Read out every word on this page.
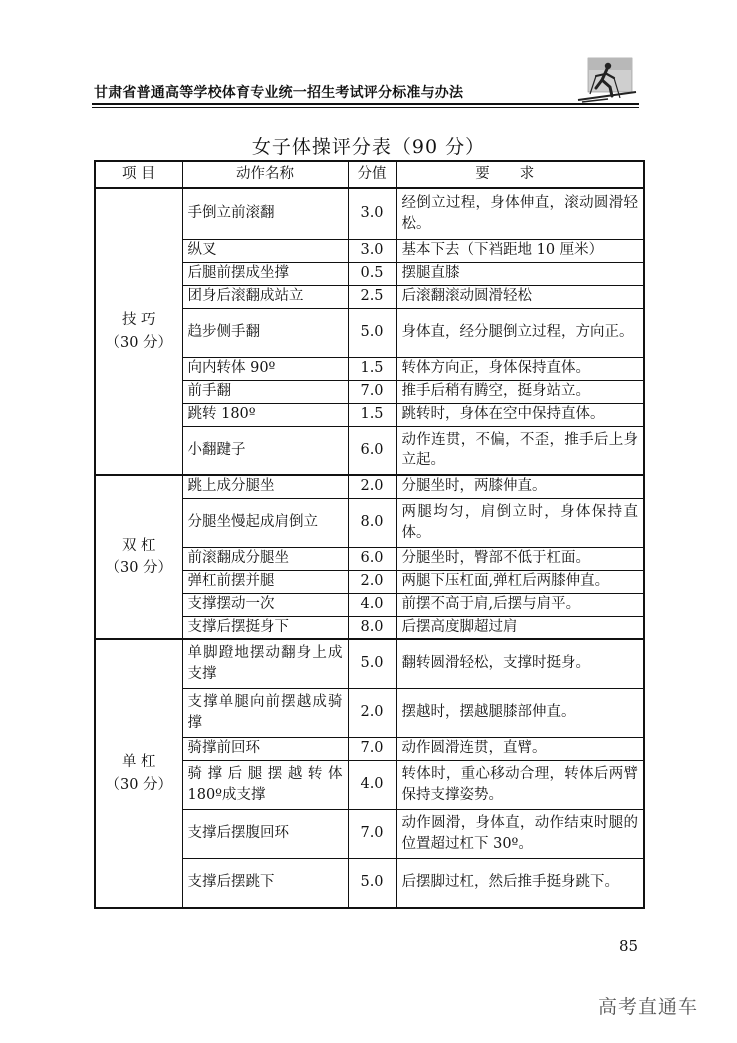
甘肃省普通高等学校体育专业统一招生考试评分标准与办法
女子体操评分表（90 分）
项 目	动作名称	分值	要求

技 巧
（30 分）	手倒立前滚翻	3.0	经倒立过程，身体伸直，滚动圆滑轻松。
	纵叉	3.0	基本下去（下裆距地 10 厘米）
	后腿前摆成坐撑	0.5	摆腿直膝
	团身后滚翻成站立	2.5	后滚翻滚动圆滑轻松
	趋步侧手翻	5.0	身体直，经分腿倒立过程，方向正。
	向内转体 90º	1.5	转体方向正，身体保持直体。
	前手翻	7.0	推手后稍有腾空，挺身站立。
	跳转 180º	1.5	跳转时，身体在空中保持直体。
	小翻踺子	6.0	动作连贯，不偏，不歪，推手后上身立起。

双 杠
（30 分）	跳上成分腿坐	2.0	分腿坐时，两膝伸直。
	分腿坐慢起成肩倒立	8.0	两腿均匀，肩倒立时，身体保持直体。
	前滚翻成分腿坐	6.0	分腿坐时，臀部不低于杠面。
	弹杠前摆并腿	2.0	两腿下压杠面,弹杠后两膝伸直。
	支撑摆动一次	4.0	前摆不高于肩,后摆与肩平。
	支撑后摆挺身下	8.0	后摆高度脚超过肩

单 杠
（30 分）	单脚蹬地摆动翻身上成支撑	5.0	翻转圆滑轻松，支撑时挺身。
	支撑单腿向前摆越成骑撑	2.0	摆越时，摆越腿膝部伸直。
	骑撑前回环	7.0	动作圆滑连贯，直臂。
	骑撑后腿摆越转体 180º成支撑	4.0	转体时，重心移动合理，转体后两臂保持支撑姿势。
	支撑后摆腹回环	7.0	动作圆滑，身体直，动作结束时腿的位置超过杠下 30º。
	支撑后摆跳下	5.0	后摆脚过杠，然后推手挺身跳下。
85
高考直通车
